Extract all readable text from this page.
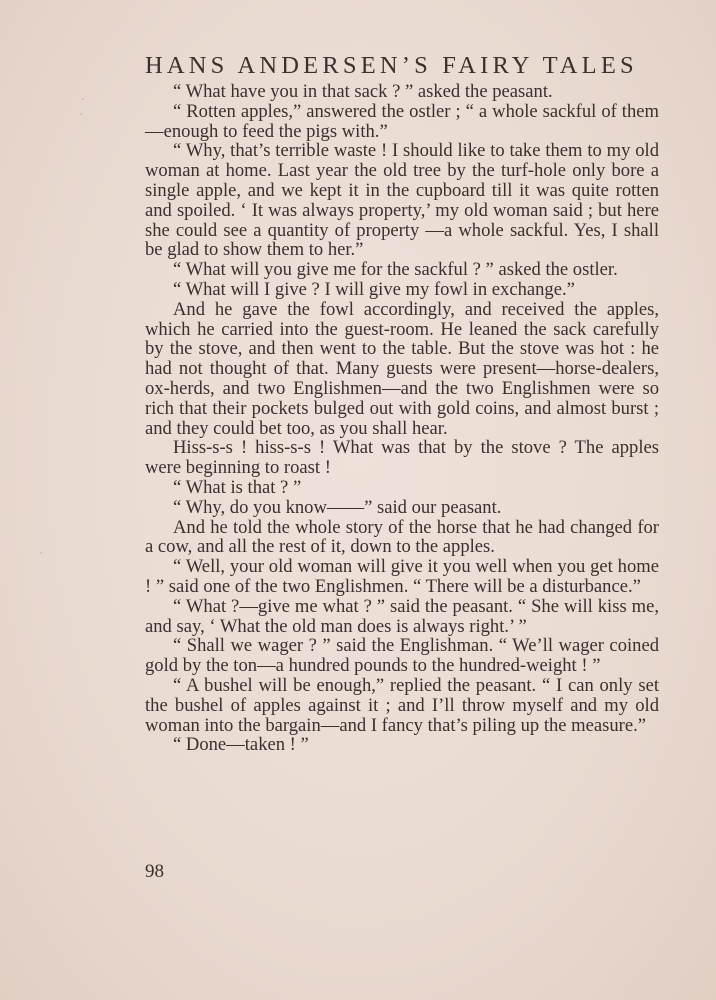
HANS ANDERSEN’S FAIRY TALES

“ What have you in that sack ? ” asked the peasant.

“ Rotten apples,” answered the ostler ; “ a whole sackful of them—enough to feed the pigs with.”

“ Why, that’s terrible waste ! I should like to take them to my old woman at home. Last year the old tree by the turf-hole only bore a single apple, and we kept it in the cupboard till it was quite rotten and spoiled. ‘ It was always property,’ my old woman said ; but here she could see a quantity of property —a whole sackful. Yes, I shall be glad to show them to her.”

“ What will you give me for the sackful ? ” asked the ostler.

“ What will I give ? I will give my fowl in exchange.”

And he gave the fowl accordingly, and received the apples, which he carried into the guest-room. He leaned the sack carefully by the stove, and then went to the table. But the stove was hot : he had not thought of that. Many guests were present—horse-dealers, ox-herds, and two Englishmen—and the two Englishmen were so rich that their pockets bulged out with gold coins, and almost burst ; and they could bet too, as you shall hear.

Hiss-s-s ! hiss-s-s ! What was that by the stove ? The apples were beginning to roast !

“ What is that ? ”

“ Why, do you know——” said our peasant.

And he told the whole story of the horse that he had changed for a cow, and all the rest of it, down to the apples.

“ Well, your old woman will give it you well when you get home ! ” said one of the two Englishmen. “ There will be a disturbance.”

“ What ?—give me what ? ” said the peasant. “ She will kiss me, and say, ‘ What the old man does is always right.’ ”

“ Shall we wager ? ” said the Englishman. “ We’ll wager coined gold by the ton—a hundred pounds to the hundred-weight ! ”

“ A bushel will be enough,” replied the peasant. “ I can only set the bushel of apples against it ; and I’ll throw myself and my old woman into the bargain—and I fancy that’s piling up the measure.”

“ Done—taken ! ”

98
